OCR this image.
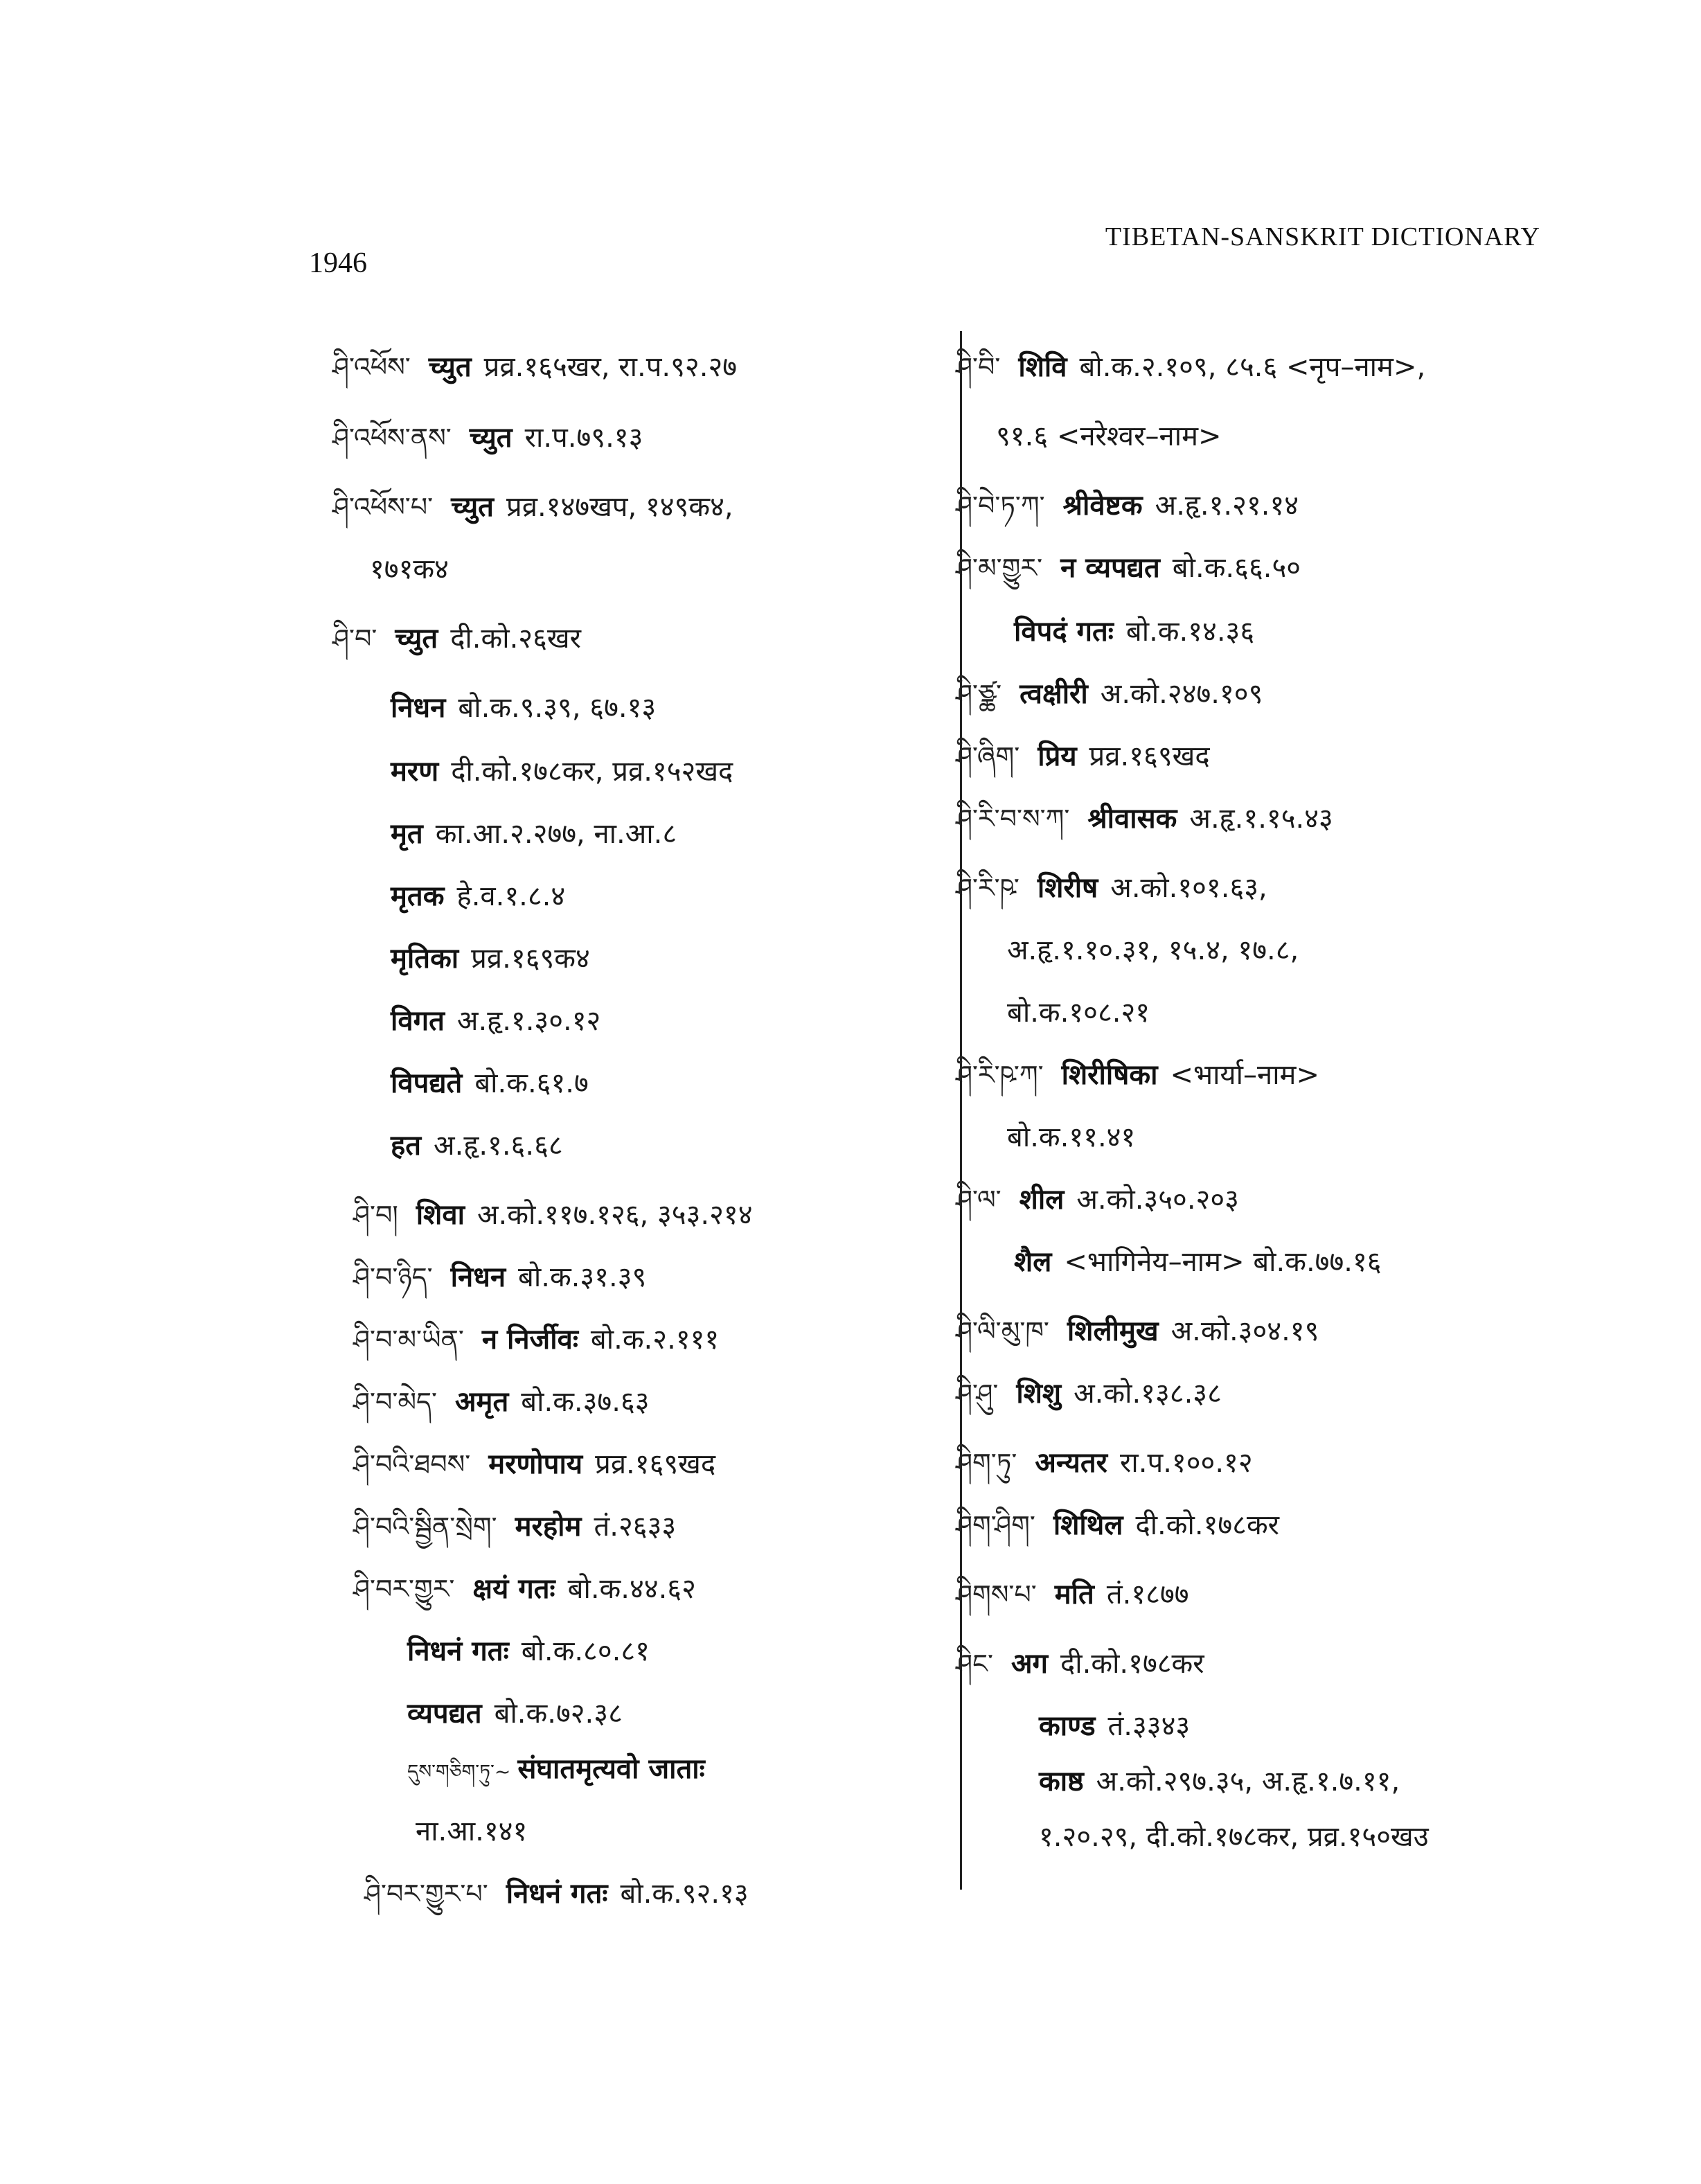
1946
TIBETAN-SANSKRIT DICTIONARY
ཤི་འཕོས་ च्युत प्रव्र.१६५खर, रा.प.९२.२७
ཤི་འཕོས་ནས་ च्युत रा.प.७९.१३
ཤི་འཕོས་པ་ च्युत प्रव्र.१४७खप, १४९क४,
१७१क४
ཤི་བ་ च्युत दी.को.२६खर
निधन बो.क.९.३९, ६७.१३
मरण दी.को.१७८कर, प्रव्र.१५२खद
मृत का.आ.२.२७७, ना.आ.८
मृतक हे.व.१.८.४
मृतिका प्रव्र.१६९क४
विगत अ.हृ.१.३०.१२
विपद्यते बो.क.६१.७
हत अ.हृ.१.६.६८
ཤི་བ། शिवा अ.को.११७.१२६, ३५३.२१४
ཤི་བ་ཉིད་ निधन बो.क.३१.३९
ཤི་བ་མ་ཡིན་ न निर्जीवः बो.क.२.१११
ཤི་བ་མེད་ अमृत बो.क.३७.६३
ཤི་བའི་ཐབས་ मरणोपाय प्रव्र.१६९खद
ཤི་བའི་སྦྱིན་སྲེག་ मरहोम तं.२६३३
ཤི་བར་གྱུར་ क्षयं गतः बो.क.४४.६२
निधनं गतः बो.क.८०.८१
व्यपद्यत बो.क.७२.३८
དུས་གཅིག་ཏུ་~ संघातमृत्यवो जाताः
ना.आ.१४१
ཤི་བར་གྱུར་པ་ निधनं गतः बो.क.९२.१३
ཤི་བི་ शिवि बो.क.२.१०९, ८५.६ <नृप–नाम>,
९१.६ <नरेश्वर–नाम>
ཤི་བེ་ཏ་ཀ་ श्रीवेष्टक अ.हृ.१.२१.१४
ཤི་མ་གྱུར་ न व्यपद्यत बो.क.६६.५०
विपदं गतः बो.क.१४.३६
ཤི་ཙྪ་ त्वक्षीरी अ.को.२४७.१०९
ཤི་ཞིག་ प्रिय प्रव्र.१६९खद
ཤི་རི་བ་ས་ཀ་ श्रीवासक अ.हृ.१.१५.४३
ཤི་རི་ཥ་ शिरीष अ.को.१०१.६३,
अ.हृ.१.१०.३१, १५.४, १७.८,
बो.क.१०८.२१
ཤི་རི་ཥ་ཀ་ शिरीषिका <भार्या–नाम>
बो.क.११.४१
ཤི་ལ་ शील अ.को.३५०.२०३
शैल <भागिनेय–नाम> बो.क.७७.१६
ཤི་ལི་མུ་ཁ་ शिलीमुख अ.को.३०४.१९
ཤི་ཤུ་ शिशु अ.को.१३८.३८
ཤིག་ཏུ་ अन्यतर रा.प.१००.१२
ཤིག་ཤིག་ शिथिल दी.को.१७८कर
ཤིགས་པ་ मति तं.१८७७
ཤིང་ अग दी.को.१७८कर
काण्ड तं.३३४३
काष्ठ अ.को.२९७.३५, अ.हृ.१.७.११,
१.२०.२९, दी.को.१७८कर, प्रव्र.१५०खउ
